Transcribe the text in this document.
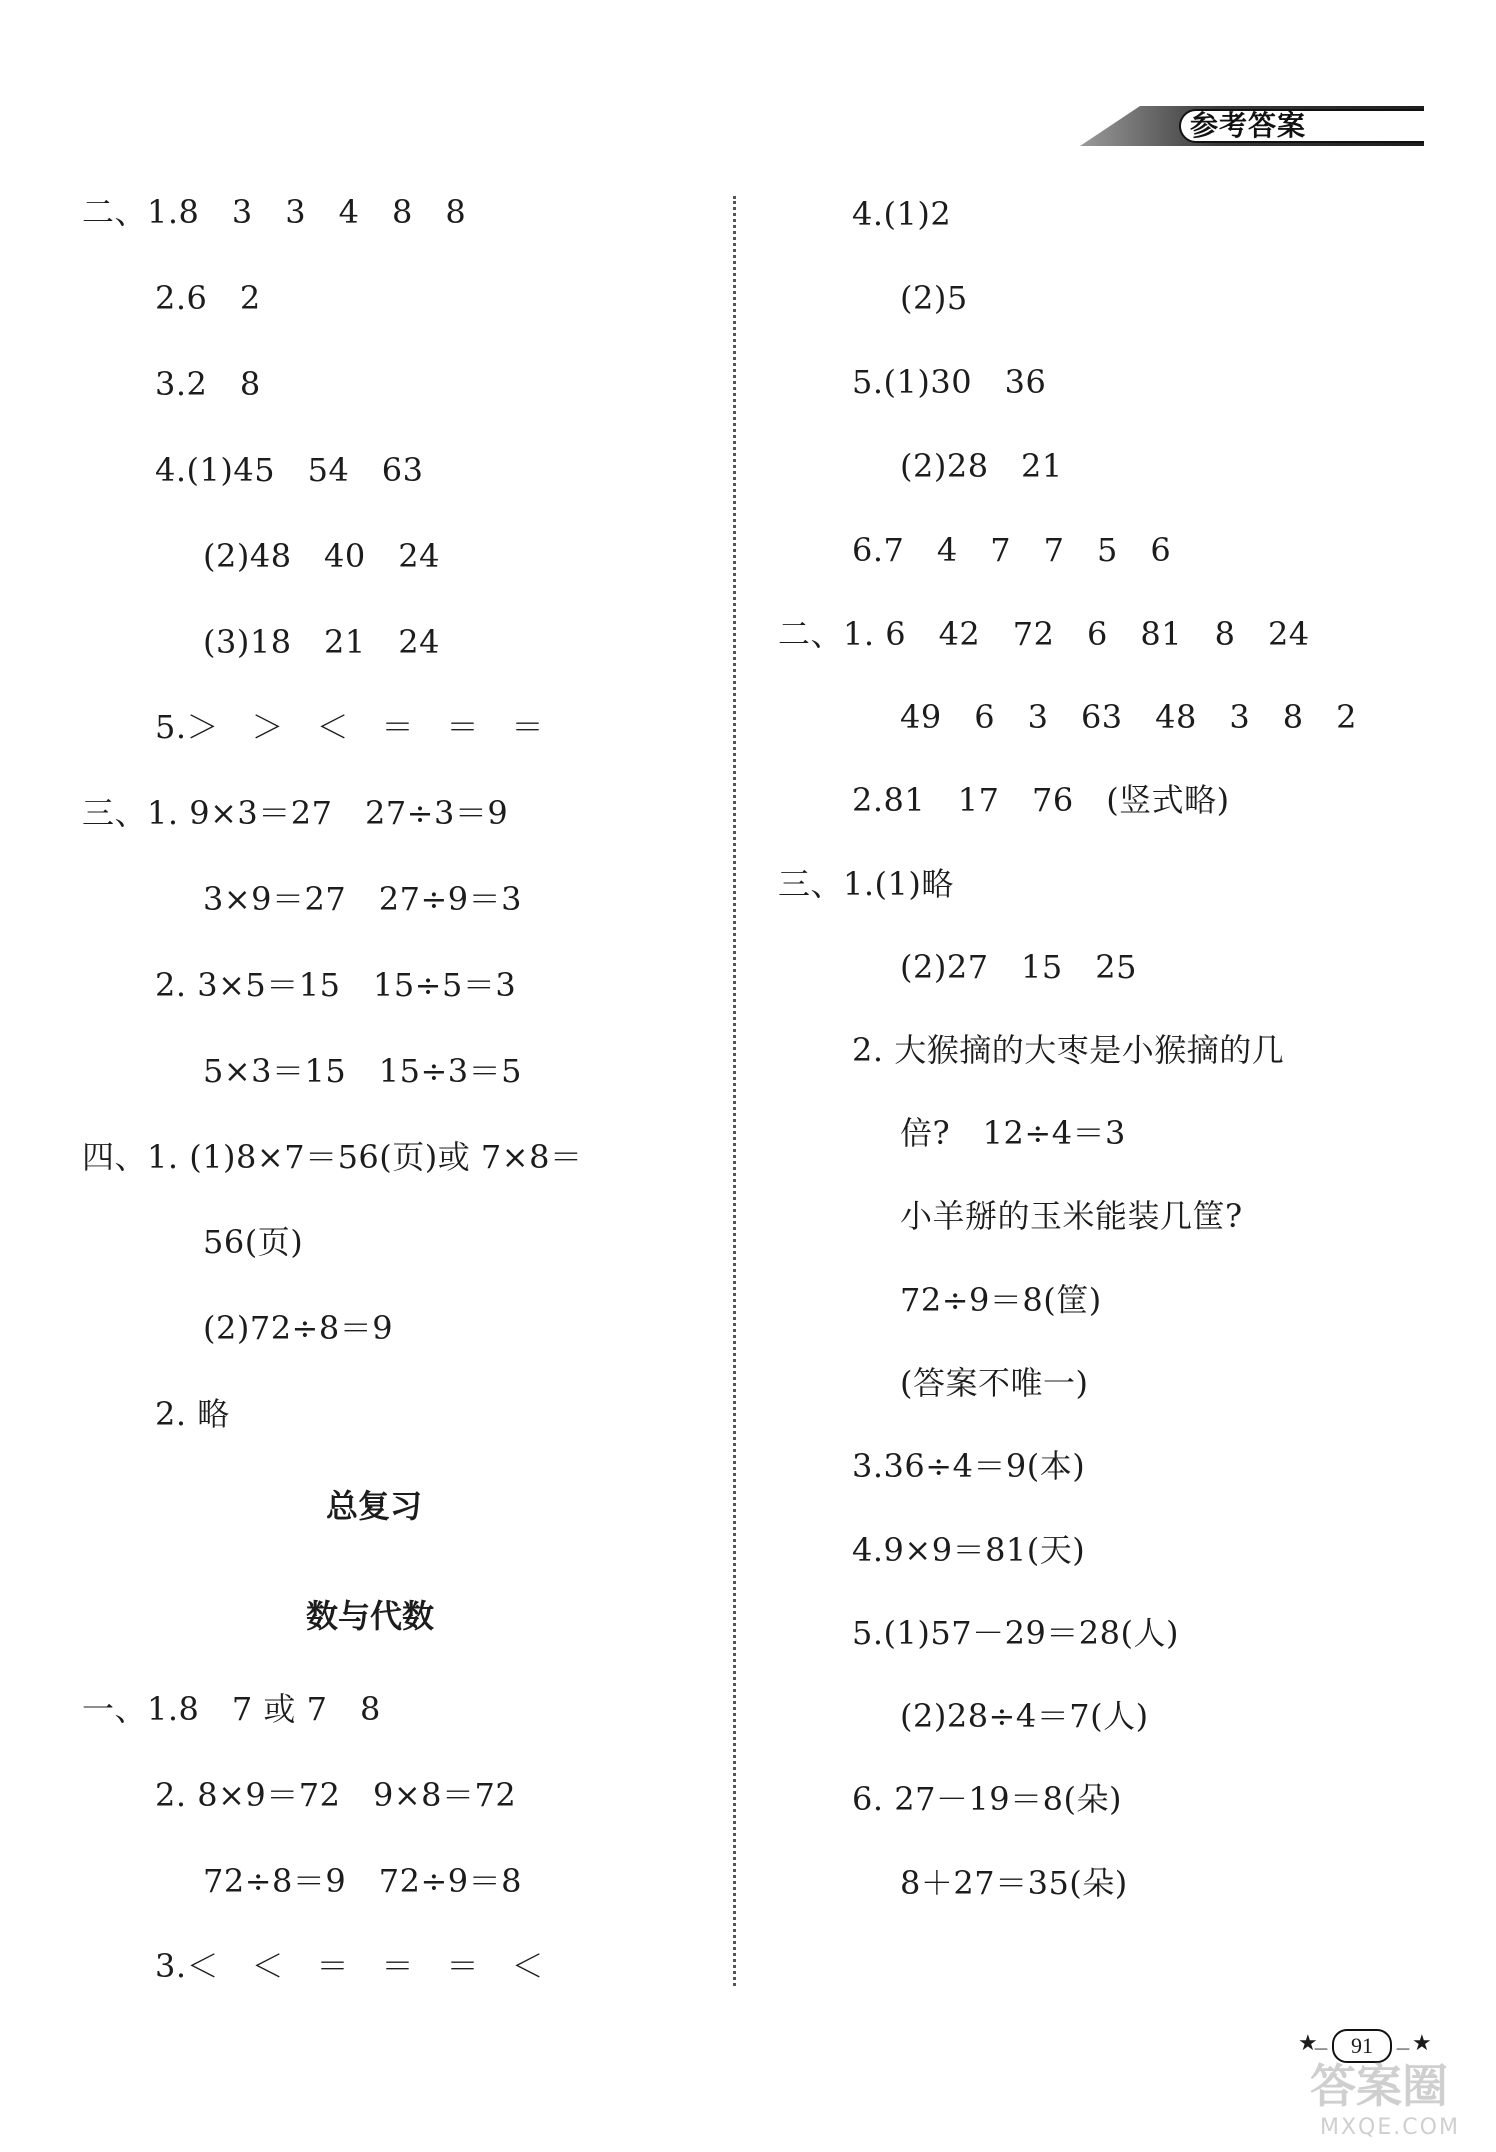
参考答案
二、1.8　3　3　4　8　8
2.6　2
3.2　8
4.(1)45　54　63
(2)48　40　24
(3)18　21　24
5.＞　＞　＜　＝　＝　＝
三、1. 9×3＝27　27÷3＝9
3×9＝27　27÷9＝3
2. 3×5＝15　15÷5＝3
5×3＝15　15÷3＝5
四、1. (1)8×7＝56(页)或 7×8＝
56(页)
(2)72÷8＝9
2. 略
总复习
数与代数
一、1.8　7 或 7　8
2. 8×9＝72　9×8＝72
72÷8＝9　72÷9＝8
3.＜　＜　＝　＝　＝　＜
4.(1)2
(2)5
5.(1)30　36
(2)28　21
6.7　4　7　7　5　6
二、1. 6　42　72　6　81　8　24
49　6　3　63　48　3　8　2
2.81　17　76　(竖式略)
三、1.(1)略
(2)27　15　25
2. 大猴摘的大枣是小猴摘的几
倍?　12÷4＝3
小羊掰的玉米能装几筐?
72÷9＝8(筐)
(答案不唯一)
3.36÷4＝9(本)
4.9×9＝81(天)
5.(1)57－29＝28(人)
(2)28÷4＝7(人)
6. 27－19＝8(朵)
8＋27＝35(朵)
★
—	91	— ★
答案圈
MXQE.COM
